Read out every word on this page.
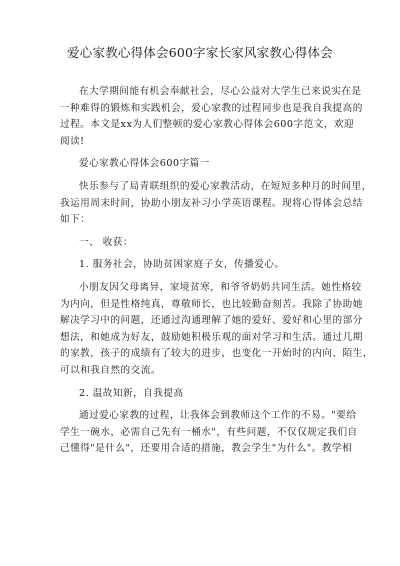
爱心家教心得体会600字家长家风家教心得体会
在大学期间能有机会奉献社会，尽心公益对大学生已来说实在是
一种难得的锻炼和实践机会，爱心家教的过程同步也是我自我提高的
过程。本文是xx为人们整顿的爱心家教心得体会600字范文，欢迎
阅读!
爱心家教心得体会600字篇一
快乐参与了局青联组织的爱心家教活动，在短短多种月的时间里，
我运用周末时间，协助小朋友补习小学英语课程。现将心得体会总结
如下：
一、 收获：
1. 服务社会，协助贫困家庭子女，传播爱心。
小朋友因父母离异，家境贫寒，和爷爷奶奶共同生活。她性格较
为内向，但是性格纯真，尊敬师长，也比较勤奋刻苦。我除了协助她
解决学习中的问题，还通过沟通理解了她的爱好、爱好和心里的部分
想法，和她成为好友，鼓励她积极乐观的面对学习和生活。通过几期
的家教，孩子的成绩有了较大的进步，也变化一开始时的内向、陌生，
可以和我自然的交流。
2. 温故知新，自我提高
通过爱心家教的过程，让我体会到教师这个工作的不易。"要给
学生一碗水，必需自己先有一桶水"，有些问题，不仅仅规定我们自
己懂得"是什么"，还要用合适的措施，教会学生"为什么"。教学相
